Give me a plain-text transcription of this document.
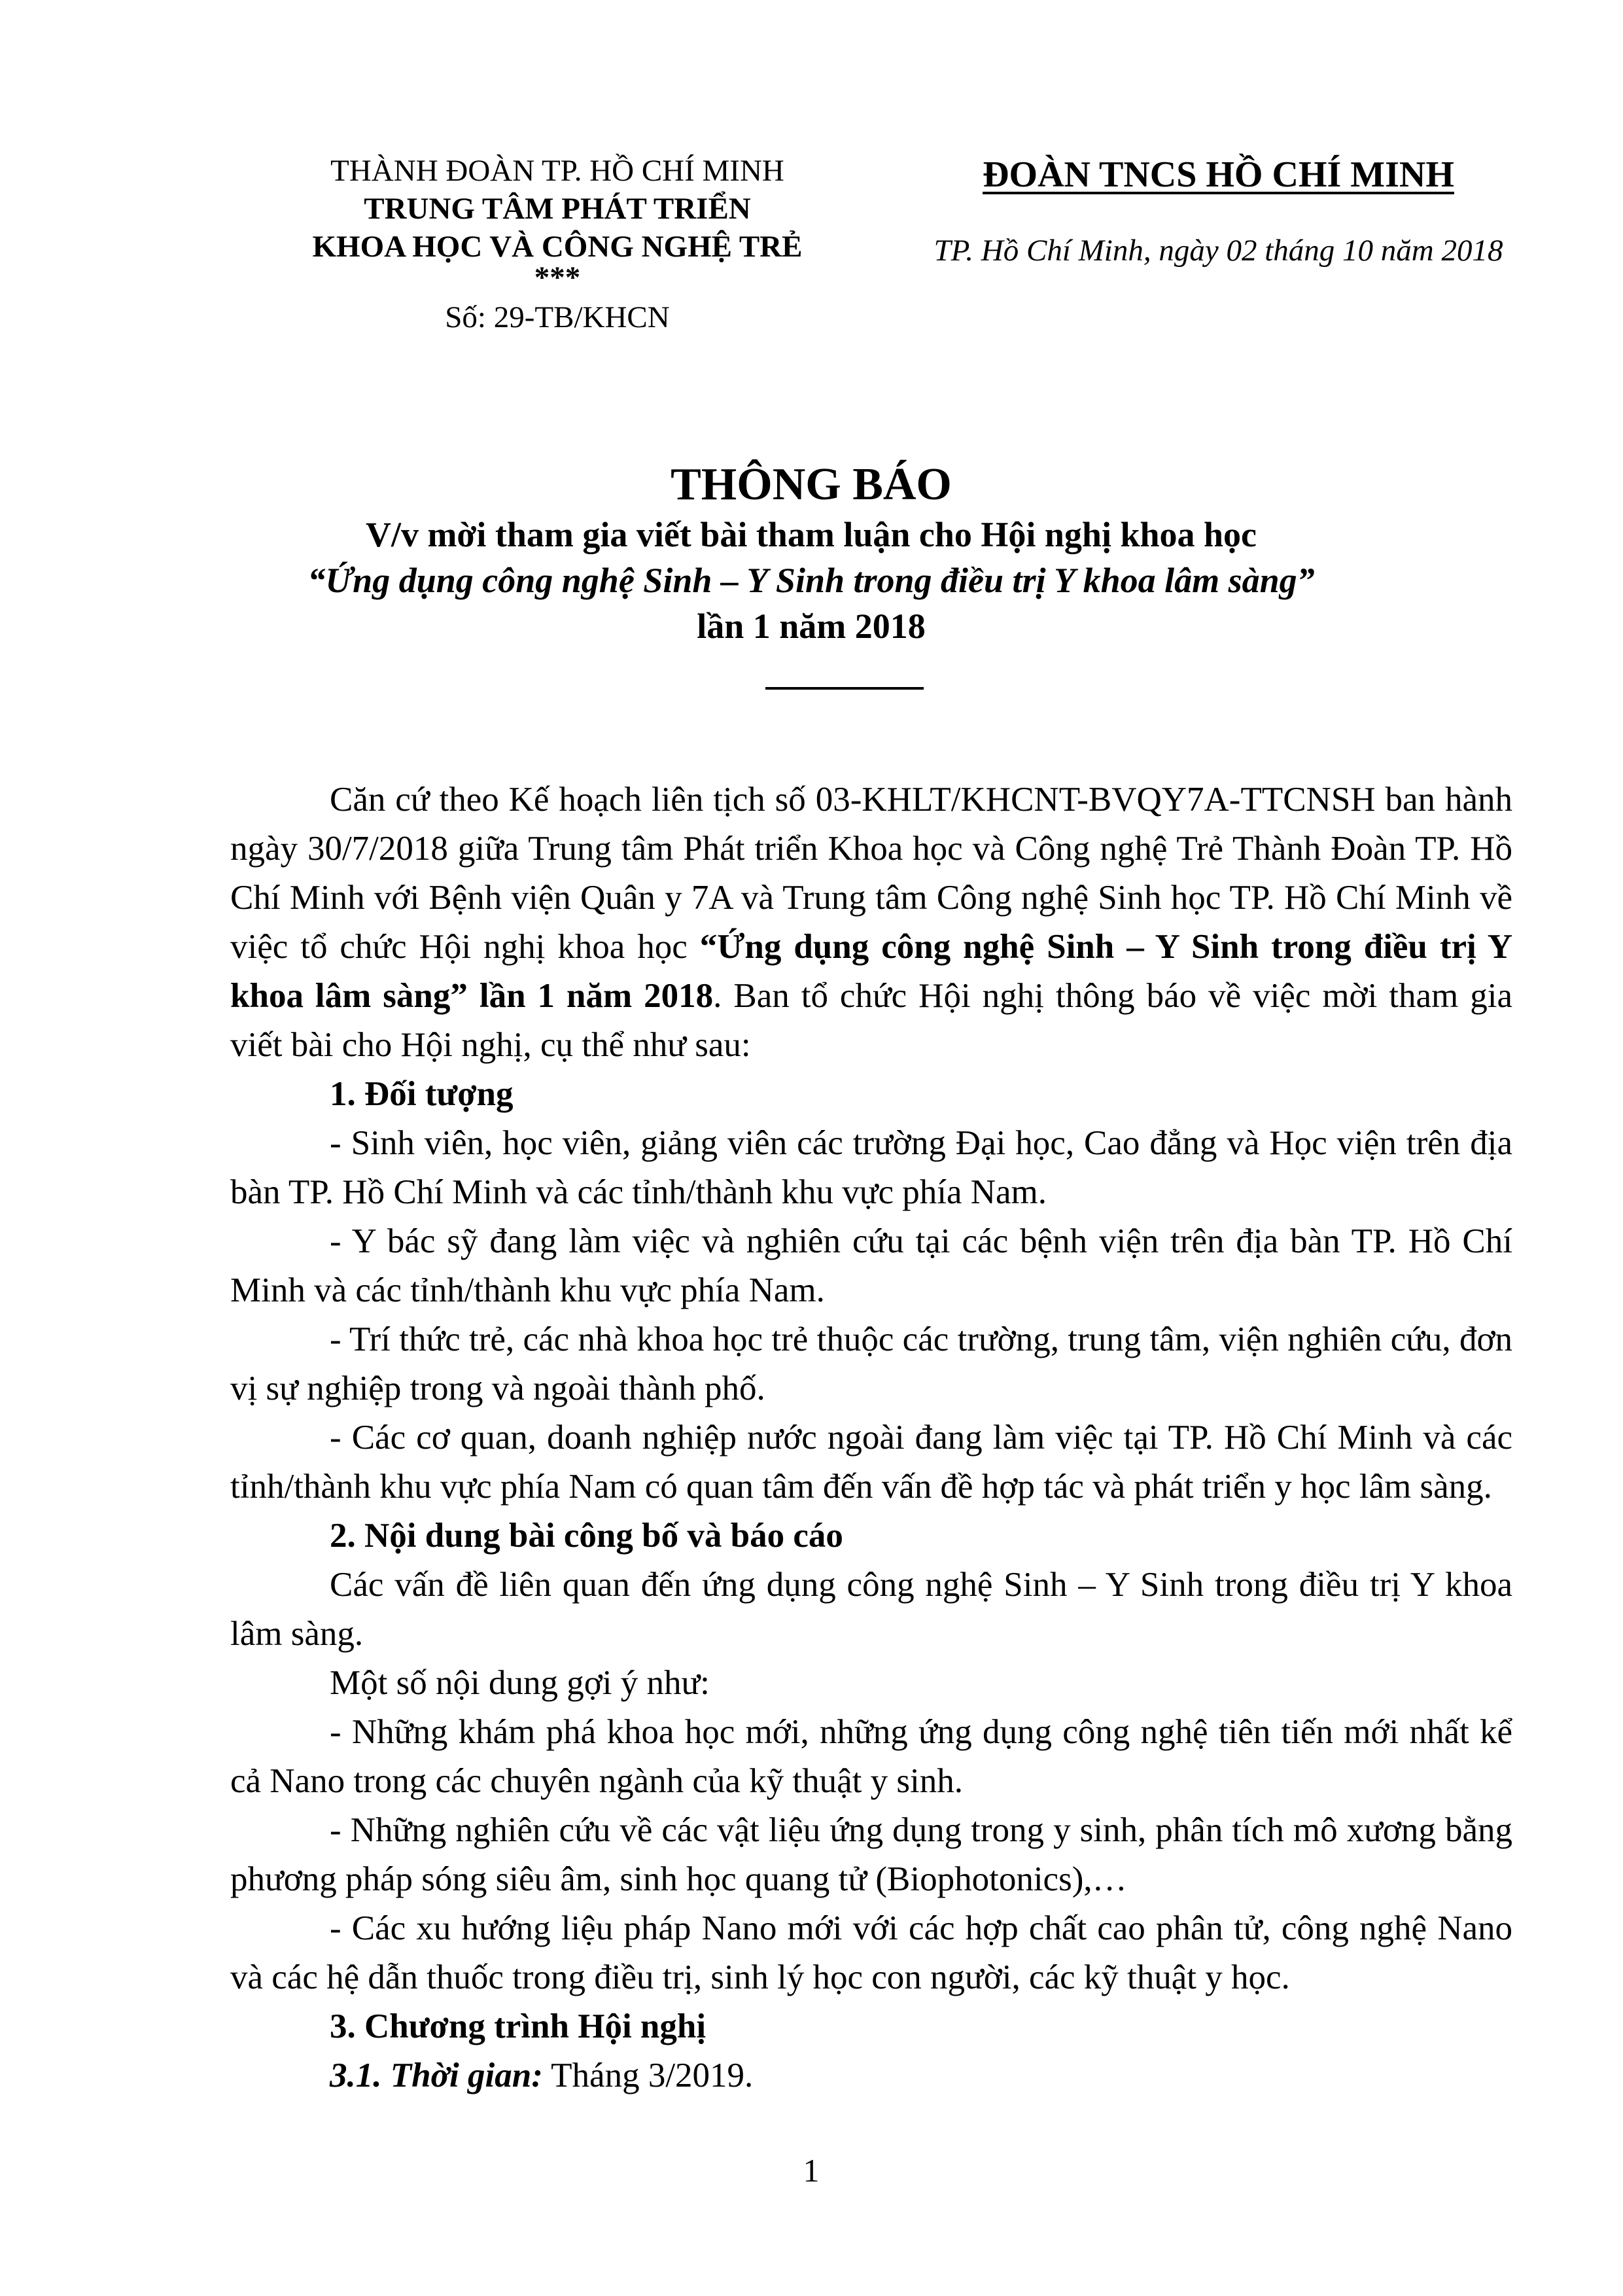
THÀNH ĐOÀN TP. HỒ CHÍ MINH
TRUNG TÂM PHÁT TRIỂN
KHOA HỌC VÀ CÔNG NGHỆ TRẺ
***
Số: 29-TB/KHCN
ĐOÀN TNCS HỒ CHÍ MINH
TP. Hồ Chí Minh, ngày 02 tháng 10 năm 2018
THÔNG BÁO
V/v mời tham gia viết bài tham luận cho Hội nghị khoa học
“Ứng dụng công nghệ Sinh – Y Sinh trong điều trị Y khoa lâm sàng”
lần 1 năm 2018

Căn cứ theo Kế hoạch liên tịch số 03-KHLT/KHCNT-BVQY7A-TTCNSH ban hành ngày 30/7/2018 giữa Trung tâm Phát triển Khoa học và Công nghệ Trẻ Thành Đoàn TP. Hồ Chí Minh với Bệnh viện Quân y 7A và Trung tâm Công nghệ Sinh học TP. Hồ Chí Minh về việc tổ chức Hội nghị khoa học “Ứng dụng công nghệ Sinh – Y Sinh trong điều trị Y khoa lâm sàng” lần 1 năm 2018. Ban tổ chức Hội nghị thông báo về việc mời tham gia viết bài cho Hội nghị, cụ thể như sau:

1. Đối tượng

- Sinh viên, học viên, giảng viên các trường Đại học, Cao đẳng và Học viện trên địa bàn TP. Hồ Chí Minh và các tỉnh/thành khu vực phía Nam.

- Y bác sỹ đang làm việc và nghiên cứu tại các bệnh viện trên địa bàn TP. Hồ Chí Minh và các tỉnh/thành khu vực phía Nam.

- Trí thức trẻ, các nhà khoa học trẻ thuộc các trường, trung tâm, viện nghiên cứu, đơn vị sự nghiệp trong và ngoài thành phố.

- Các cơ quan, doanh nghiệp nước ngoài đang làm việc tại TP. Hồ Chí Minh và các tỉnh/thành khu vực phía Nam có quan tâm đến vấn đề hợp tác và phát triển y học lâm sàng.

2. Nội dung bài công bố và báo cáo

Các vấn đề liên quan đến ứng dụng công nghệ Sinh – Y Sinh trong điều trị Y khoa lâm sàng.

Một số nội dung gợi ý như:

- Những khám phá khoa học mới, những ứng dụng công nghệ tiên tiến mới nhất kể cả Nano trong các chuyên ngành của kỹ thuật y sinh.

- Những nghiên cứu về các vật liệu ứng dụng trong y sinh, phân tích mô xương bằng phương pháp sóng siêu âm, sinh học quang tử (Biophotonics),…

- Các xu hướng liệu pháp Nano mới với các hợp chất cao phân tử, công nghệ Nano và các hệ dẫn thuốc trong điều trị, sinh lý học con người, các kỹ thuật y học.

3. Chương trình Hội nghị

3.1. Thời gian: Tháng 3/2019.

1
